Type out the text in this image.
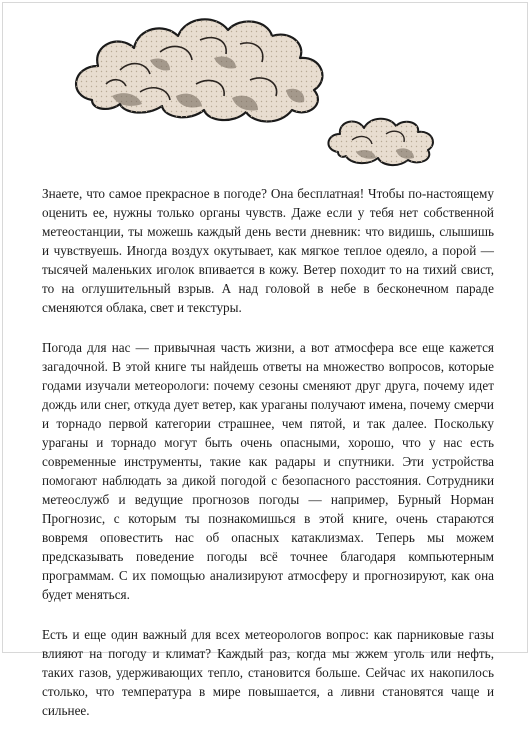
Знаете, что самое прекрасное в погоде? Она бесплатная! Чтобы по-настоящему оценить ее, нужны только органы чувств. Даже если у тебя нет собственной метеостанции, ты можешь каждый день вести дневник: что видишь, слышишь и чувствуешь. Иногда воздух окутывает, как мягкое теплое одеяло, а порой — тысячей маленьких иголок впивается в кожу. Ветер походит то на тихий свист, то на оглушительный взрыв. А над головой в небе в бесконечном параде сменяются облака, свет и текстуры.

Погода для нас — привычная часть жизни, а вот атмосфера все еще кажется загадочной. В этой книге ты найдешь ответы на множество вопросов, которые годами изучали метеорологи: почему сезоны сменяют друг друга, почему идет дождь или снег, откуда дует ветер, как ураганы получают имена, почему смерчи и торнадо первой категории страшнее, чем пятой, и так далее. Поскольку ураганы и торнадо могут быть очень опасными, хорошо, что у нас есть современные инструменты, такие как радары и спутники. Эти устройства помогают наблюдать за дикой погодой с безопасного расстояния. Сотрудники метеослужб и ведущие прогнозов погоды — например, Бурный Норман Прогнозис, с которым ты познакомишься в этой книге, очень стараются вовремя оповестить нас об опасных катаклизмах. Теперь мы можем предсказывать поведение погоды всё точнее благодаря компьютерным программам. С их помощью анализируют атмосферу и прогнозируют, как она будет меняться.

Есть и еще один важный для всех метеорологов вопрос: как парниковые газы влияют на погоду и климат? Каждый раз, когда мы жжем уголь или нефть, таких газов, удерживающих тепло, становится больше. Сейчас их накопилось столько, что температура в мире повышается, а ливни становятся чаще и сильнее.
